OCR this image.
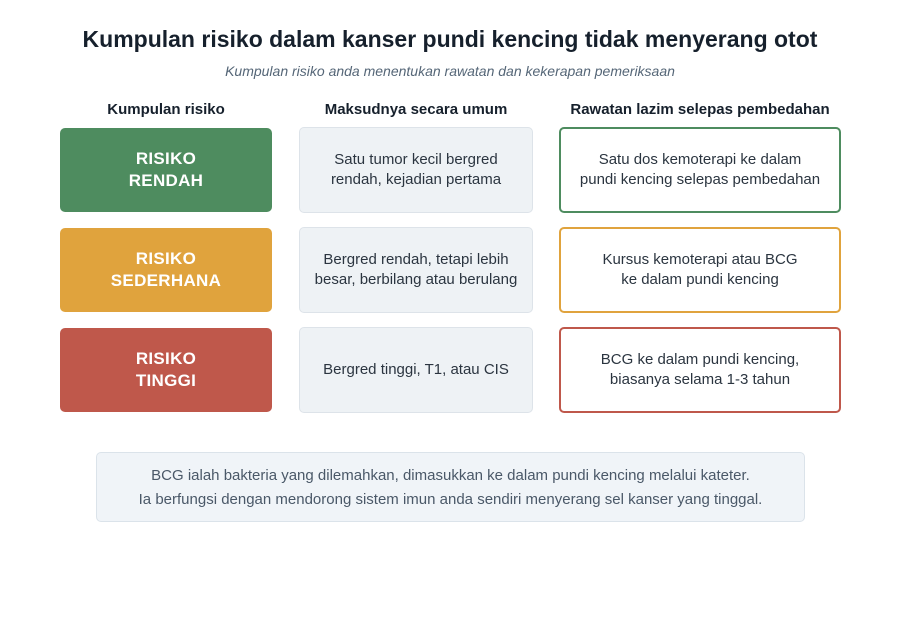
Kumpulan risiko dalam kanser pundi kencing tidak menyerang otot
Kumpulan risiko anda menentukan rawatan dan kekerapan pemeriksaan
Kumpulan risiko	Maksudnya secara umum	Rawatan lazim selepas pembedahan
RISIKO
RENDAH
Satu tumor kecil bergred
rendah, kejadian pertama
Satu dos kemoterapi ke dalam
pundi kencing selepas pembedahan
RISIKO
SEDERHANA
Bergred rendah, tetapi lebih
besar, berbilang atau berulang
Kursus kemoterapi atau BCG
ke dalam pundi kencing
RISIKO
TINGGI
Bergred tinggi, T1, atau CIS
BCG ke dalam pundi kencing,
biasanya selama 1-3 tahun
BCG ialah bakteria yang dilemahkan, dimasukkan ke dalam pundi kencing melalui kateter.
Ia berfungsi dengan mendorong sistem imun anda sendiri menyerang sel kanser yang tinggal.
